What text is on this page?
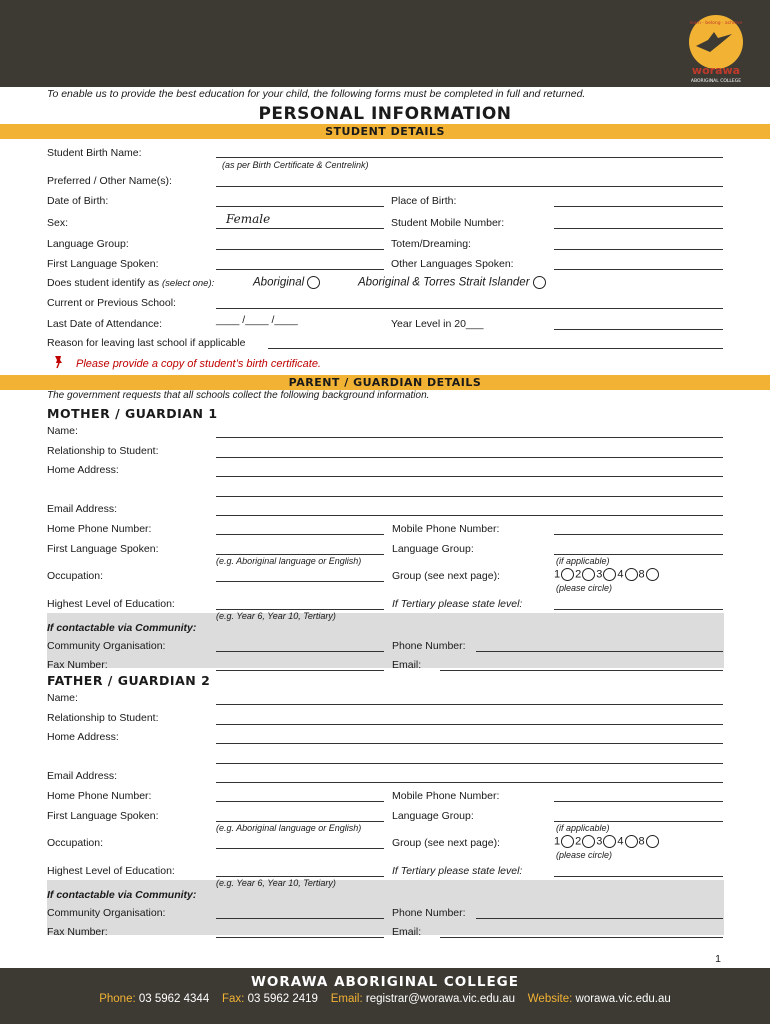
worawa
ABORIGINAL COLLEGE
learn · belong · achieve
To enable us to provide the best education for your child, the following forms must be completed in full and returned.
PERSONAL INFORMATION
STUDENT DETAILS
Student Birth Name:
(as per Birth Certificate & Centrelink)
Preferred / Other Name(s):
Date of Birth:	Place of Birth:
Sex:	Female	Student Mobile Number:
Language Group:	Totem/Dreaming:
First Language Spoken:	Other Languages Spoken:
Does student identify as (select one):	Aboriginal	Aboriginal & Torres Strait Islander
Current or Previous School:
Last Date of Attendance:	____ /____ /____	Year Level in 20___
Reason for leaving last school if applicable
Please provide a copy of student’s birth certificate.
PARENT / GUARDIAN DETAILS
The government requests that all schools collect the following background information.
MOTHER / GUARDIAN 1
Name:
Relationship to Student:
Home Address:
Email Address:
Home Phone Number:	Mobile Phone Number:
First Language Spoken:	Language Group:
(e.g. Aboriginal language or English)	(if applicable)
Occupation:	Group (see next page):	1 2 3 4 8
(please circle)
Highest Level of Education:	If Tertiary please state level:
(e.g. Year 6, Year 10, Tertiary)
If contactable via Community:
Community Organisation:	Phone Number:
Fax Number:	Email:
FATHER / GUARDIAN 2
Name:
Relationship to Student:
Home Address:
Email Address:
Home Phone Number:	Mobile Phone Number:
First Language Spoken:	Language Group:
(e.g. Aboriginal language or English)	(if applicable)
Occupation:	Group (see next page):	1 2 3 4 8
(please circle)
Highest Level of Education:	If Tertiary please state level:
(e.g. Year 6, Year 10, Tertiary)
If contactable via Community:
Community Organisation:	Phone Number:
Fax Number:	Email:
1
WORAWA ABORIGINAL COLLEGE
Phone: 03 5962 4344 Fax: 03 5962 2419 Email: registrar@worawa.vic.edu.au Website: worawa.vic.edu.au
